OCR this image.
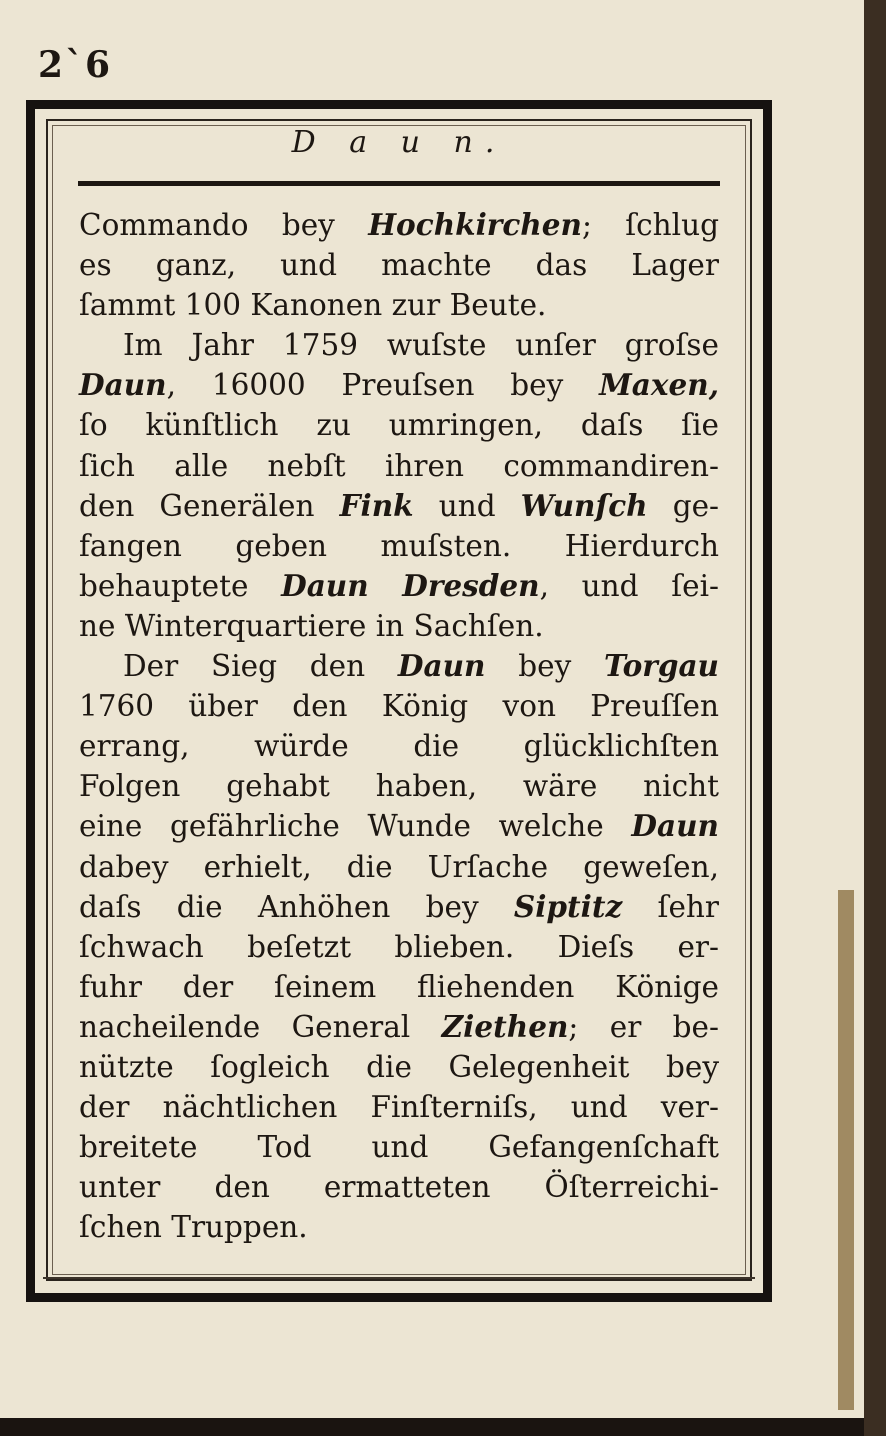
2`6
D a u n.
Commando bey Hochkirchen; ſchlug
es ganz, und machte das Lager
ſammt 100 Kanonen zur Beute.
Im Jahr 1759 wuſste unſer groſse
Daun, 16000 Preuſsen bey Maxen,
ſo künſtlich zu umringen, daſs ſie
ſich alle nebſt ihren commandiren-
den Generälen Fink und Wunſch ge-
fangen geben muſsten. Hierdurch
behauptete Daun Dresden, und ſei-
ne Winterquartiere in Sachſen.
Der Sieg den Daun bey Torgau
1760 über den König von Preuſſen
errang, würde die glücklichſten
Folgen gehabt haben, wäre nicht
eine gefährliche Wunde welche Daun
dabey erhielt, die Urſache geweſen,
daſs die Anhöhen bey Siptitz ſehr
ſchwach beſetzt blieben. Dieſs er-
fuhr der ſeinem fliehenden Könige
nacheilende General Ziethen; er be-
nützte ſogleich die Gelegenheit bey
der nächtlichen Finſterniſs, und ver-
breitete Tod und Gefangenſchaft
unter den ermatteten Öſterreichi-
ſchen Truppen.
